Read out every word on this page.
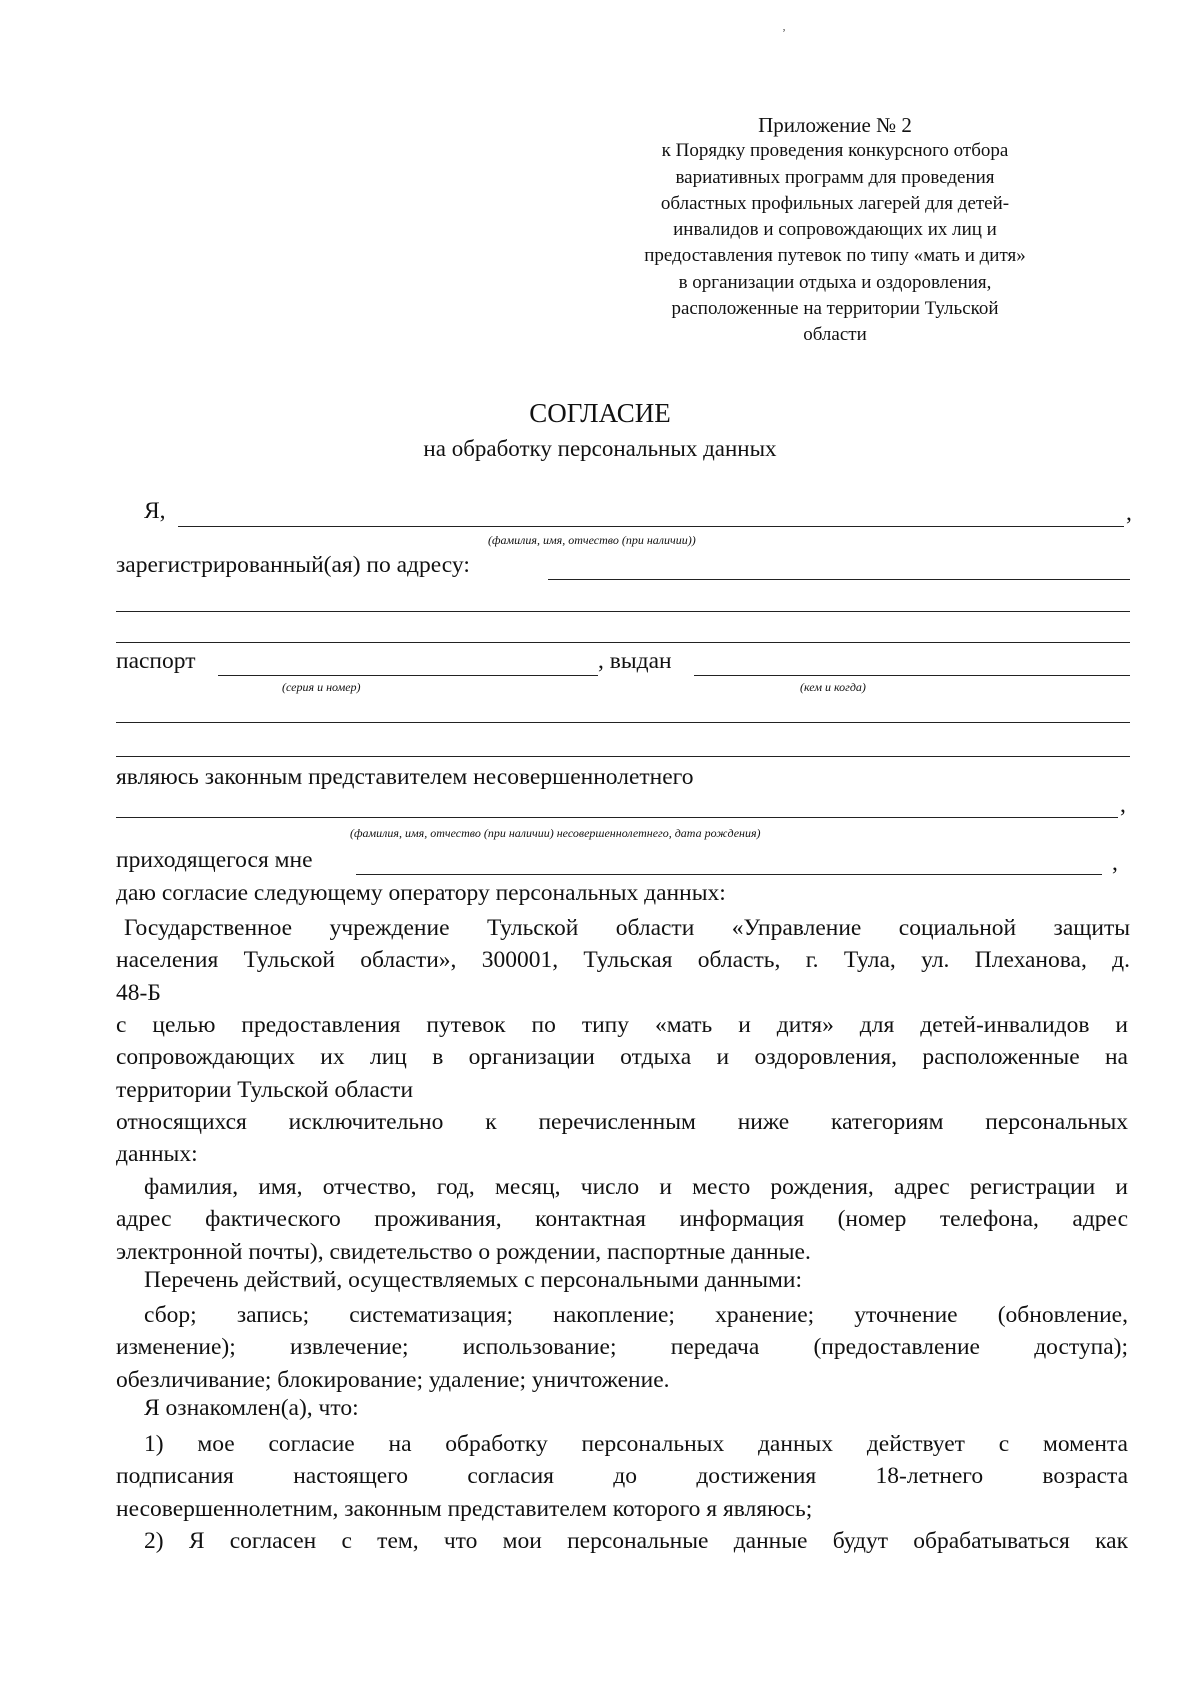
ʼ
Приложение № 2
к Порядку проведения конкурсного отбора
вариативных программ для проведения
областных профильных лагерей для детей-
инвалидов и сопровождающих их лиц и
предоставления путевок по типу «мать и дитя»
в организации отдыха и оздоровления,
расположенные на территории Тульской
области
СОГЛАСИЕ
на обработку персональных данных
Я,	,
(фамилия, имя, отчество (при наличии))
зарегистрированный(ая) по адресу:
паспорт	, выдан
(серия и номер)	(кем и когда)
являюсь законным представителем несовершеннолетнего
,
(фамилия, имя, отчество (при наличии) несовершеннолетнего, дата рождения)
приходящегося мне	,
даю согласие следующему оператору персональных данных:
Государственное учреждение Тульской области «Управление социальной защиты
населения Тульской области», 300001, Тульская область, г. Тула, ул. Плеханова, д.
48-Б
с целью предоставления путевок по типу «мать и дитя» для детей-инвалидов и
сопровождающих их лиц в организации отдыха и оздоровления, расположенные на
территории Тульской области
относящихся исключительно к перечисленным ниже категориям персональных
данных:
фамилия, имя, отчество, год, месяц, число и место рождения, адрес регистрации и
адрес фактического проживания, контактная информация (номер телефона, адрес
электронной почты), свидетельство о рождении, паспортные данные.
Перечень действий, осуществляемых с персональными данными:
сбор; запись; систематизация; накопление; хранение; уточнение (обновление,
изменение); извлечение; использование; передача (предоставление доступа);
обезличивание; блокирование; удаление; уничтожение.
Я ознакомлен(а), что:
1) мое согласие на обработку персональных данных действует с момента
подписания настоящего согласия до достижения 18-летнего возраста
несовершеннолетним, законным представителем которого я являюсь;
2) Я согласен с тем, что мои персональные данные будут обрабатываться как
